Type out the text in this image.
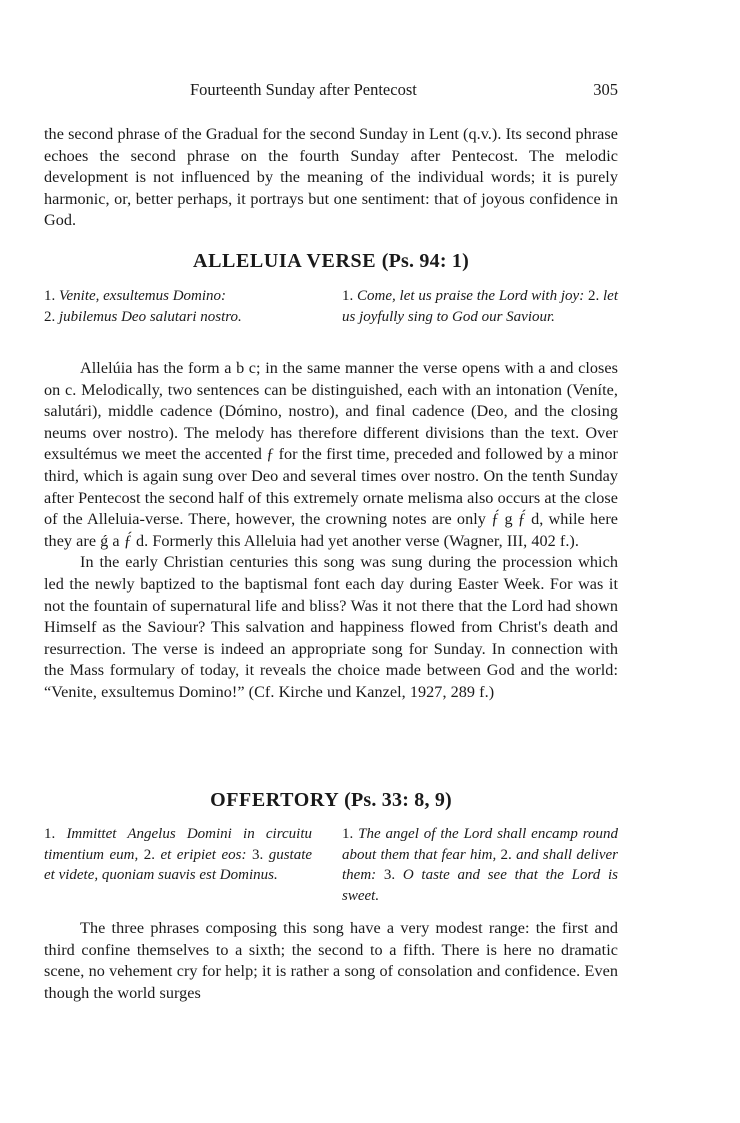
Fourteenth Sunday after Pentecost	305

the second phrase of the Gradual for the second Sunday in Lent (q.v.). Its second phrase echoes the second phrase on the fourth Sunday after Pentecost. The melodic development is not influenced by the meaning of the individual words; it is purely harmonic, or, better perhaps, it portrays but one sentiment: that of joyous confidence in God.

ALLELUIA VERSE (Ps. 94: 1)
1. Venite, exsultemus Domino:
2. jubilemus Deo salutari nostro.
1. Come, let us praise the Lord with joy: 2. let us joyfully sing to God our Saviour.

Allelúia has the form a b c; in the same manner the verse opens with a and closes on c. Melodically, two sentences can be distinguished, each with an intonation (Veníte, salutári), middle cadence (Dómino, nostro), and final cadence (Deo, and the closing neums over nostro). The melody has therefore different divisions than the text. Over exsultémus we meet the accented ƒ for the first time, preceded and followed by a minor third, which is again sung over Deo and several times over nostro. On the tenth Sunday after Pentecost the second half of this extremely ornate melisma also occurs at the close of the Alleluia-verse. There, however, the crowning notes are only ƒ́ g ƒ́ d, while here they are ǵ a ƒ́ d. Formerly this Alleluia had yet another verse (Wagner, III, 402 f.).

In the early Christian centuries this song was sung during the procession which led the newly baptized to the baptismal font each day during Easter Week. For was it not the fountain of supernatural life and bliss? Was it not there that the Lord had shown Himself as the Saviour? This salvation and happiness flowed from Christ's death and resurrection. The verse is indeed an appropriate song for Sunday. In connection with the Mass formulary of today, it reveals the choice made between God and the world: “Venite, exsultemus Domino!” (Cf. Kirche und Kanzel, 1927, 289 f.)

OFFERTORY (Ps. 33: 8, 9)
1. Immittet Angelus Domini in circuitu timentium eum, 2. et eripiet eos: 3. gustate et videte, quoniam suavis est Dominus.
1. The angel of the Lord shall encamp round about them that fear him, 2. and shall deliver them: 3. O taste and see that the Lord is sweet.

The three phrases composing this song have a very modest range: the first and third confine themselves to a sixth; the second to a fifth. There is here no dramatic scene, no vehement cry for help; it is rather a song of consolation and confidence. Even though the world surges
